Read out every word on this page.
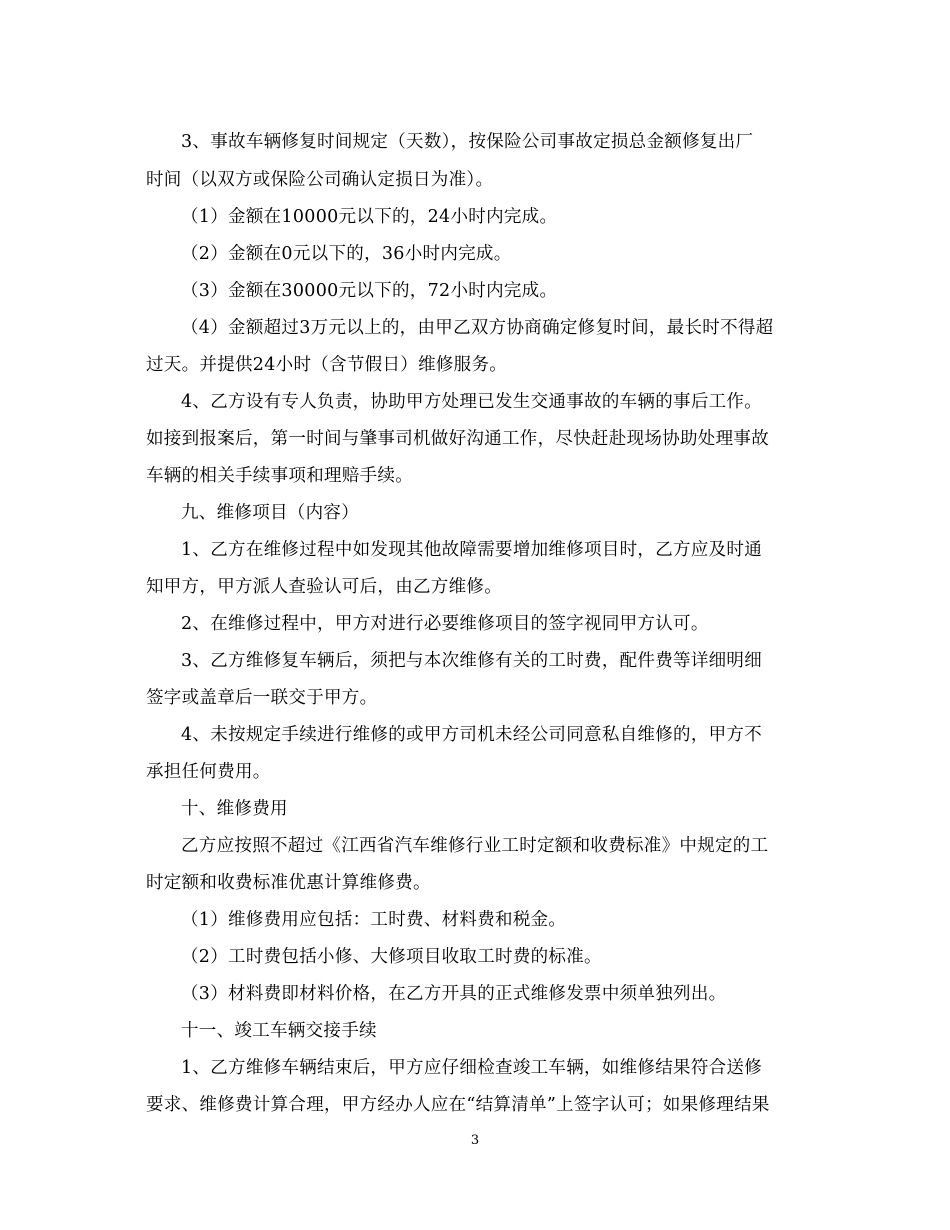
3、事故车辆修复时间规定（天数），按保险公司事故定损总金额修复出厂
时间（以双方或保险公司确认定损日为准）。
（1）金额在10000元以下的，24小时内完成。
（2）金额在0元以下的，36小时内完成。
（3）金额在30000元以下的，72小时内完成。
（4）金额超过3万元以上的，由甲乙双方协商确定修复时间，最长时不得超
过天。并提供24小时（含节假日）维修服务。
4、乙方设有专人负责，协助甲方处理已发生交通事故的车辆的事后工作。
如接到报案后，第一时间与肇事司机做好沟通工作，尽快赶赴现场协助处理事故
车辆的相关手续事项和理赔手续。
九、维修项目（内容）
1、乙方在维修过程中如发现其他故障需要增加维修项目时，乙方应及时通
知甲方，甲方派人查验认可后，由乙方维修。
2、在维修过程中，甲方对进行必要维修项目的签字视同甲方认可。
3、乙方维修复车辆后，须把与本次维修有关的工时费，配件费等详细明细
签字或盖章后一联交于甲方。
4、未按规定手续进行维修的或甲方司机未经公司同意私自维修的，甲方不
承担任何费用。
十、维修费用
乙方应按照不超过《江西省汽车维修行业工时定额和收费标准》中规定的工
时定额和收费标准优惠计算维修费。
（1）维修费用应包括：工时费、材料费和税金。
（2）工时费包括小修、大修项目收取工时费的标准。
（3）材料费即材料价格，在乙方开具的正式维修发票中须单独列出。
十一、竣工车辆交接手续
1、乙方维修车辆结束后，甲方应仔细检查竣工车辆，如维修结果符合送修
要求、维修费计算合理，甲方经办人应在“结算清单”上签字认可；如果修理结果
3
